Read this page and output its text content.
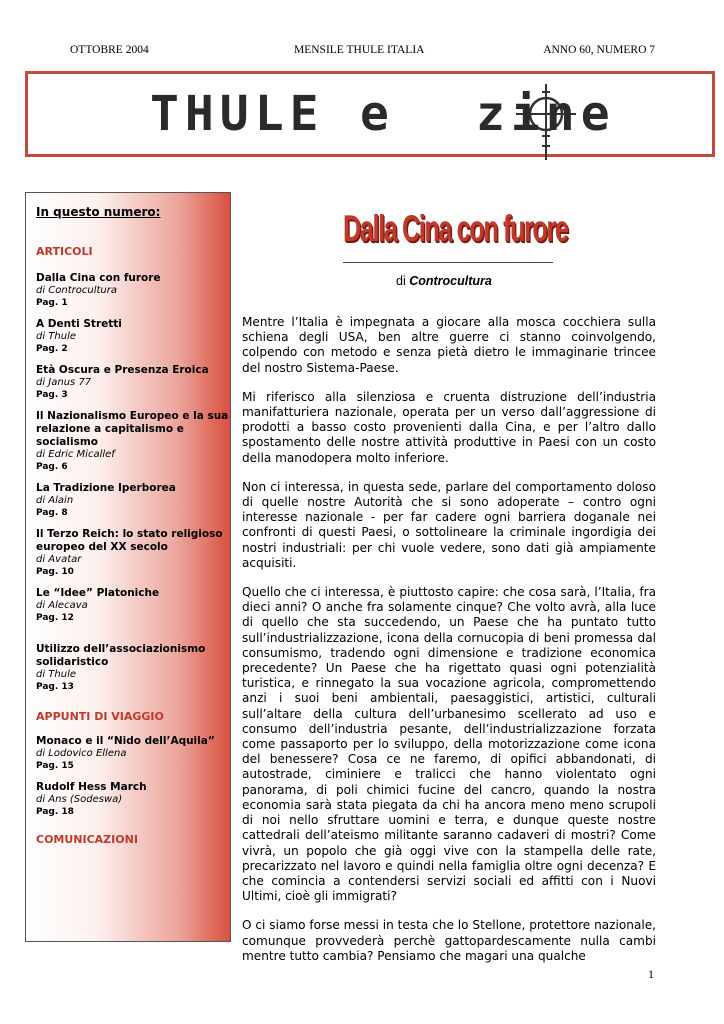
OTTOBRE 2004	MENSILE THULE ITALIA	ANNO 60, NUMERO 7
THULE e zine
In questo numero:
ARTICOLI
Dalla Cina con furore
di Controcultura
Pag. 1
A Denti Stretti
di Thule
Pag. 2
Età Oscura e Presenza Eroica
di Janus 77
Pag. 3
Il Nazionalismo Europeo e la sua relazione a capitalismo e socialismo
di Edric Micallef
Pag. 6
La Tradizione Iperborea
di Alain
Pag. 8
Il Terzo Reich: lo stato religioso europeo del XX secolo
di Avatar
Pag. 10
Le “Idee” Platoniche
di Alecava
Pag. 12
Utilizzo dell’associazionismo solidaristico
di Thule
Pag. 13
APPUNTI DI VIAGGIO
Monaco e il “Nido dell’Aquila”
di Lodovico Ellena
Pag. 15
Rudolf Hess March
di Ans (Sodeswa)
Pag. 18
COMUNICAZIONI
Dalla Cina con furore
di Controcultura

Mentre l’Italia è impegnata a giocare alla mosca cocchiera sulla schiena degli USA, ben altre guerre ci stanno coinvolgendo, colpendo con metodo e senza pietà dietro le immaginarie trincee del nostro Sistema-Paese.

Mi riferisco alla silenziosa e cruenta distruzione dell’industria manifatturiera nazionale, operata per un verso dall’aggressione di prodotti a basso costo provenienti dalla Cina, e per l’altro dallo spostamento delle nostre attività produttive in Paesi con un costo della manodopera molto inferiore.

Non ci interessa, in questa sede, parlare del comportamento doloso di quelle nostre Autorità che si sono adoperate – contro ogni interesse nazionale - per far cadere ogni barriera doganale nei confronti di questi Paesi, o sottolineare la criminale ingordigia dei nostri industriali: per chi vuole vedere, sono dati già ampiamente acquisiti.

Quello che ci interessa, è piuttosto capire: che cosa sarà, l’Italia, fra dieci anni? O anche fra solamente cinque? Che volto avrà, alla luce di quello che sta succedendo, un Paese che ha puntato tutto sull’industrializzazione, icona della cornucopia di beni promessa dal consumismo, tradendo ogni dimensione e tradizione economica precedente? Un Paese che ha rigettato quasi ogni potenzialità turistica, e rinnegato la sua vocazione agricola, compromettendo anzi i suoi beni ambientali, paesaggistici, artistici, culturali sull’altare della cultura dell’urbanesimo scellerato ad uso e consumo dell’industria pesante, dell’industrializzazione forzata come passaporto per lo sviluppo, della motorizzazione come icona del benessere? Cosa ce ne faremo, di opifici abbandonati, di autostrade, ciminiere e tralicci che hanno violentato ogni panorama, di poli chimici fucine del cancro, quando la nostra economia sarà stata piegata da chi ha ancora meno meno scrupoli di noi nello sfruttare uomini e terra, e dunque queste nostre cattedrali dell’ateismo militante saranno cadaveri di mostri? Come vivrà, un popolo che già oggi vive con la stampella delle rate, precarizzato nel lavoro e quindi nella famiglia oltre ogni decenza? E che comincia a contendersi servizi sociali ed affitti con i Nuovi Ultimi, cioè gli immigrati?

O ci siamo forse messi in testa che lo Stellone, protettore nazionale, comunque provvederà perchè gattopardescamente nulla cambi mentre tutto cambia? Pensiamo che magari una qualche

1
